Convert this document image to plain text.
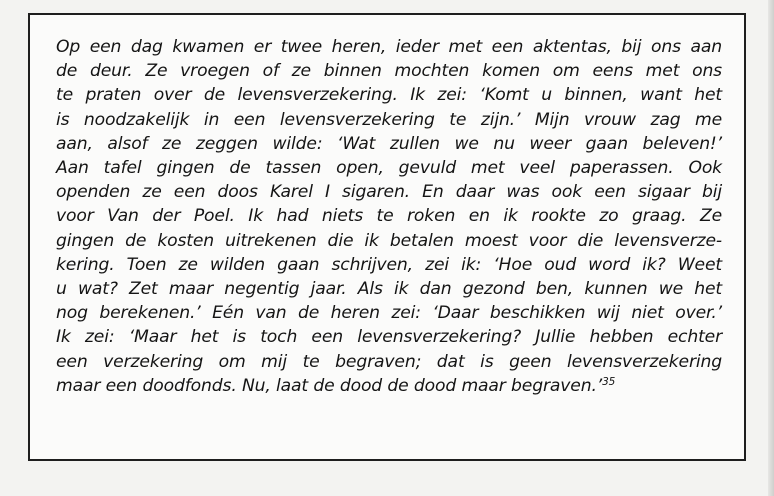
Op een dag kwamen er twee heren, ieder met een aktentas, bij ons aan
de deur. Ze vroegen of ze binnen mochten komen om eens met ons
te praten over de levensverzekering. Ik zei: ‘Komt u binnen, want het
is noodzakelijk in een levensverzekering te zijn.’ Mijn vrouw zag me
aan, alsof ze zeggen wilde: ‘Wat zullen we nu weer gaan beleven!’
Aan tafel gingen de tassen open, gevuld met veel paperassen. Ook
openden ze een doos Karel I sigaren. En daar was ook een sigaar bij
voor Van der Poel. Ik had niets te roken en ik rookte zo graag. Ze
gingen de kosten uitrekenen die ik betalen moest voor die levensverze-
kering. Toen ze wilden gaan schrijven, zei ik: ‘Hoe oud word ik? Weet
u wat? Zet maar negentig jaar. Als ik dan gezond ben, kunnen we het
nog berekenen.’ Eén van de heren zei: ‘Daar beschikken wij niet over.’
Ik zei: ‘Maar het is toch een levensverzekering? Jullie hebben echter
een verzekering om mij te begraven; dat is geen levensverzekering
maar een doodfonds. Nu, laat de dood de dood maar begraven.’$^{35}$
